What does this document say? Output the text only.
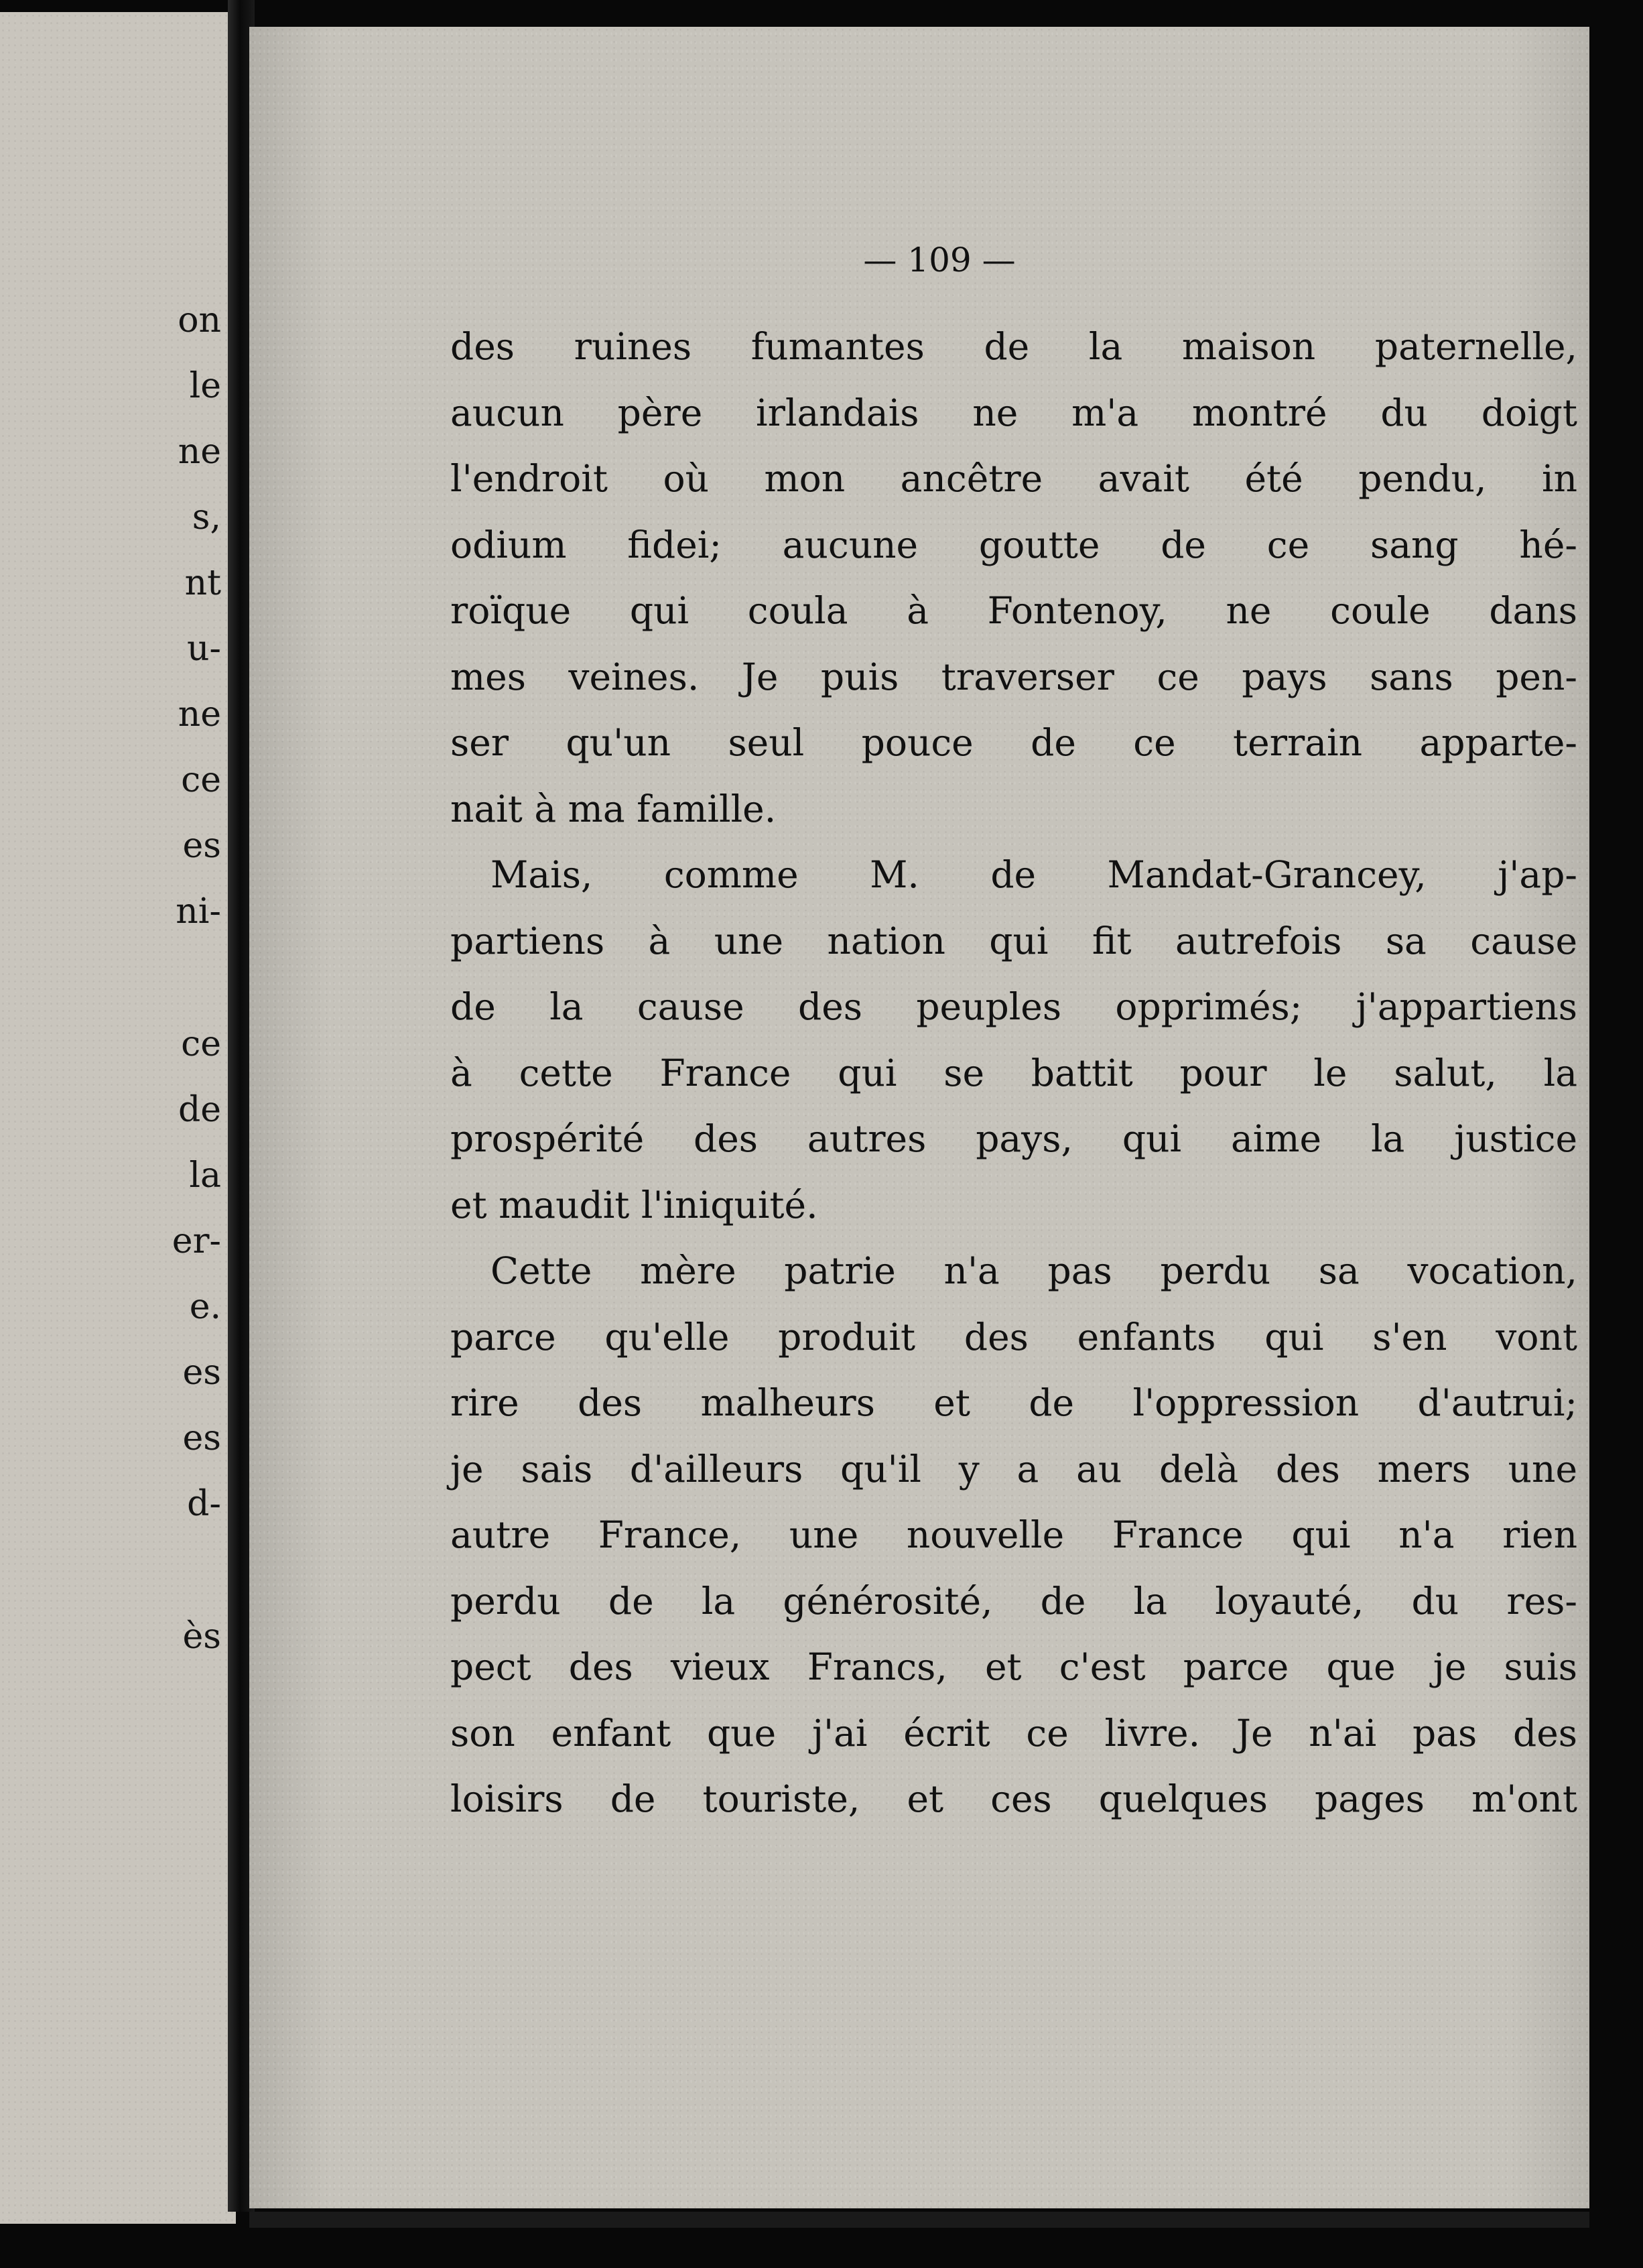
on
le
ne
s,
nt
u-
ne
ce
es
ni-
ce
de
la
er-
e.
es
es
d-
ès

— 109 —

des ruines fumantes de la maison paternelle,
aucun père irlandais ne m'a montré du doigt
l'endroit où mon ancêtre avait été pendu, in
odium fidei; aucune goutte de ce sang hé-
roïque qui coula à Fontenoy, ne coule dans
mes veines. Je puis traverser ce pays sans pen-
ser qu'un seul pouce de ce terrain apparte-
nait à ma famille.
Mais, comme M. de Mandat-Grancey, j'ap-
partiens à une nation qui fit autrefois sa cause
de la cause des peuples opprimés; j'appartiens
à cette France qui se battit pour le salut, la
prospérité des autres pays, qui aime la justice
et maudit l'iniquité.
Cette mère patrie n'a pas perdu sa vocation,
parce qu'elle produit des enfants qui s'en vont
rire des malheurs et de l'oppression d'autrui;
je sais d'ailleurs qu'il y a au delà des mers une
autre France, une nouvelle France qui n'a rien
perdu de la générosité, de la loyauté, du res-
pect des vieux Francs, et c'est parce que je suis
son enfant que j'ai écrit ce livre. Je n'ai pas des
loisirs de touriste, et ces quelques pages m'ont
